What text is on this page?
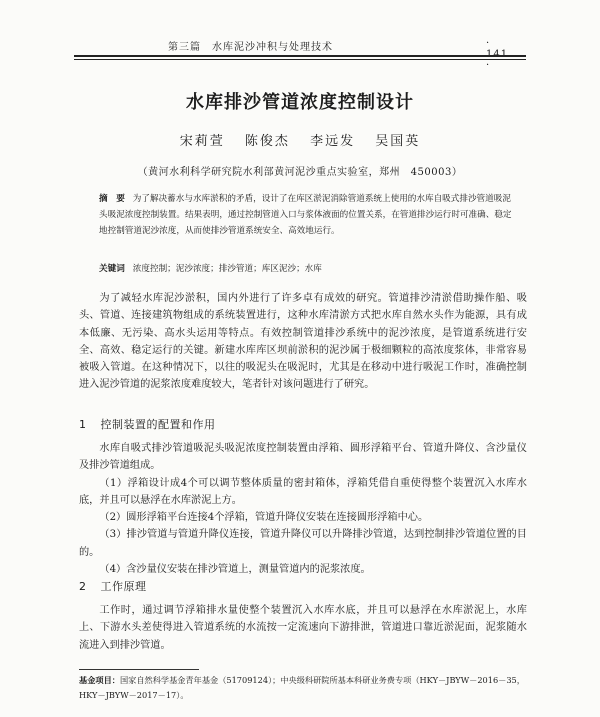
第三篇　水库泥沙冲积与处理技术	· 141 ·
水库排沙管道浓度控制设计
宋莉萱 陈俊杰 李远发 吴国英
（黄河水利科学研究院水利部黄河泥沙重点实验室，郑州　450003）
摘　要 为了解决蓄水与水库淤积的矛盾，设计了在库区淤泥消除管道系统上使用的水库自吸式排沙管道吸泥头吸泥浓度控制装置。结果表明，通过控制管道入口与浆体液面的位置关系，在管道排沙运行时可准确、稳定地控制管道泥沙浓度，从而使排沙管道系统安全、高效地运行。
关键词 浓度控制；泥沙浓度；排沙管道；库区泥沙；水库

为了减轻水库泥沙淤积，国内外进行了许多卓有成效的研究。管道排沙清淤借助操作船、吸头、管道、连接建筑物组成的系统装置进行，这种水库清淤方式把水库自然水头作为能源，具有成本低廉、无污染、高水头运用等特点。有效控制管道排沙系统中的泥沙浓度，是管道系统进行安全、高效、稳定运行的关键。新建水库库区坝前淤积的泥沙属于极细颗粒的高浓度浆体，非常容易被吸入管道。在这种情况下，以往的吸泥头在吸泥时，尤其是在移动中进行吸泥工作时，准确控制进入泥沙管道的泥浆浓度难度较大，笔者针对该问题进行了研究。

1 控制装置的配置和作用

水库自吸式排沙管道吸泥头吸泥浓度控制装置由浮箱、圆形浮箱平台、管道升降仪、含沙量仪及排沙管道组成。

（1）浮箱设计成4个可以调节整体质量的密封箱体，浮箱凭借自重使得整个装置沉入水库水底，并且可以悬浮在水库淤泥上方。

（2）圆形浮箱平台连接4个浮箱，管道升降仪安装在连接圆形浮箱中心。

（3）排沙管道与管道升降仪连接，管道升降仪可以升降排沙管道，达到控制排沙管道位置的目的。

（4）含沙量仪安装在排沙管道上，测量管道内的泥浆浓度。

2 工作原理

工作时，通过调节浮箱排水量使整个装置沉入水库水底，并且可以悬浮在水库淤泥上，水库上、下游水头差使得进入管道系统的水流按一定流速向下游排泄，管道进口靠近淤泥面，泥浆随水流进入到排沙管道。

基金项目：国家自然科学基金青年基金（51709124）；中央级科研院所基本科研业务费专项（HKY－JBYW－2016－35，HKY－JBYW－2017－17）。
